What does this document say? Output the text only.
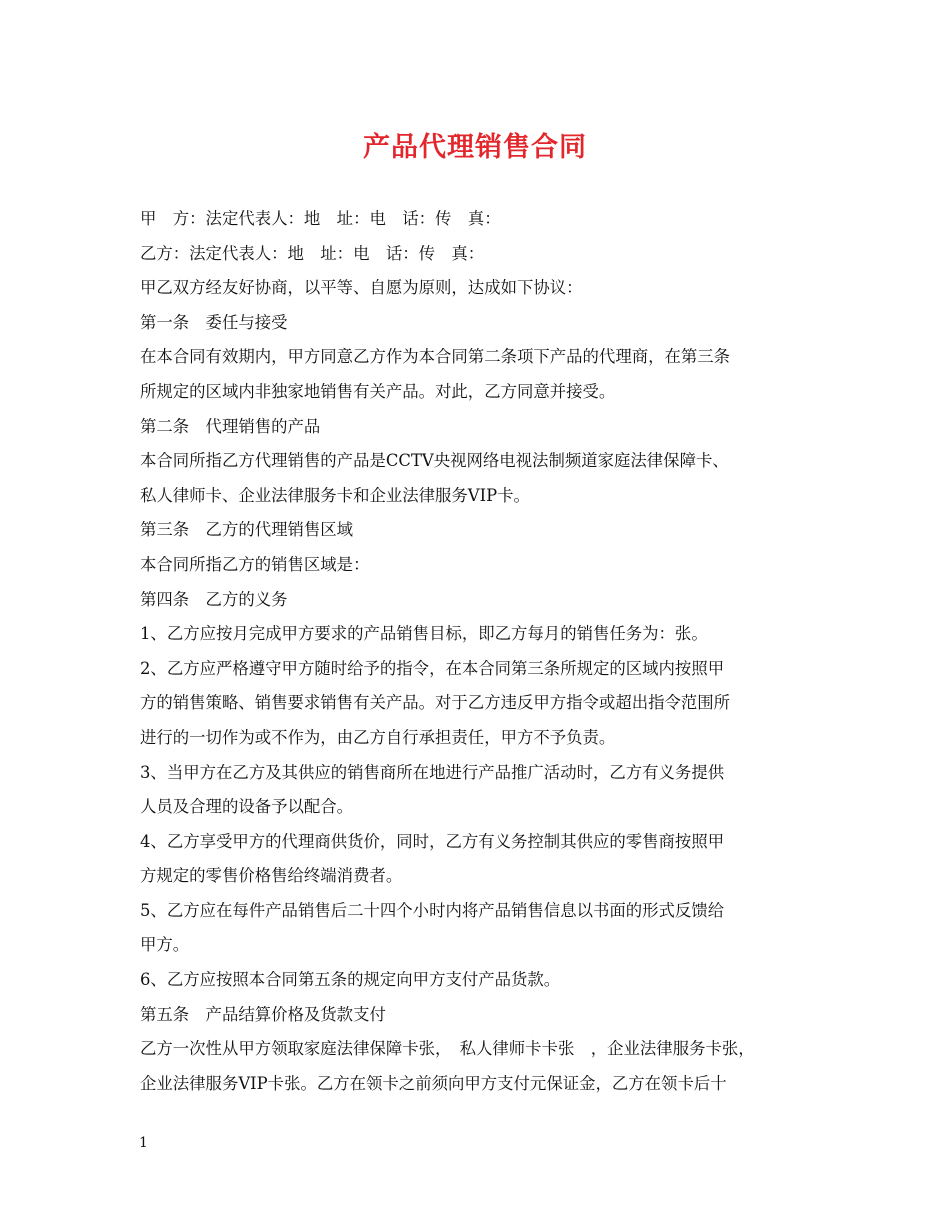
产品代理销售合同
甲　方：法定代表人：地　址：电　话：传　真：
乙方：法定代表人：地　址：电　话：传　真：
甲乙双方经友好协商，以平等、自愿为原则，达成如下协议：
第一条　委任与接受
在本合同有效期内，甲方同意乙方作为本合同第二条项下产品的代理商，在第三条
所规定的区域内非独家地销售有关产品。对此，乙方同意并接受。
第二条　代理销售的产品
本合同所指乙方代理销售的产品是CCTV央视网络电视法制频道家庭法律保障卡、
私人律师卡、企业法律服务卡和企业法律服务VIP卡。
第三条　乙方的代理销售区域
本合同所指乙方的销售区域是：
第四条　乙方的义务
1、乙方应按月完成甲方要求的产品销售目标，即乙方每月的销售任务为：张。
2、乙方应严格遵守甲方随时给予的指令，在本合同第三条所规定的区域内按照甲
方的销售策略、销售要求销售有关产品。对于乙方违反甲方指令或超出指令范围所
进行的一切作为或不作为，由乙方自行承担责任，甲方不予负责。
3、当甲方在乙方及其供应的销售商所在地进行产品推广活动时，乙方有义务提供
人员及合理的设备予以配合。
4、乙方享受甲方的代理商供货价，同时，乙方有义务控制其供应的零售商按照甲
方规定的零售价格售给终端消费者。
5、乙方应在每件产品销售后二十四个小时内将产品销售信息以书面的形式反馈给
甲方。
6、乙方应按照本合同第五条的规定向甲方支付产品货款。
第五条　产品结算价格及货款支付
乙方一次性从甲方领取家庭法律保障卡张，　私人律师卡卡张　，企业法律服务卡张，
企业法律服务VIP卡张。乙方在领卡之前须向甲方支付元保证金，乙方在领卡后十
1
